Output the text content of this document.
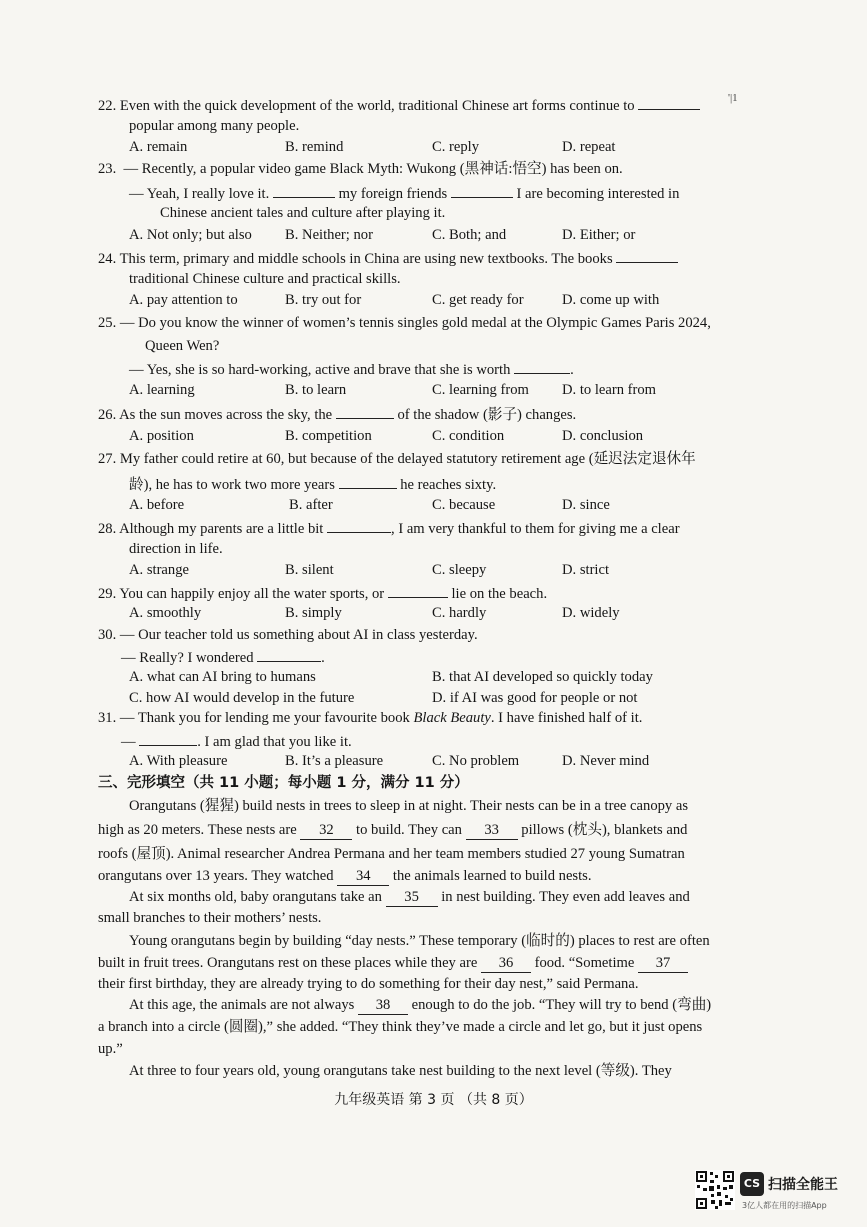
22. Even with the quick development of the world, traditional Chinese art forms continue to	'|1
popular among many people.
A. remain	B. remind	C. reply	D. repeat
23.  — Recently, a popular video game Black Myth: Wukong (黑神话:悟空) has been on.
— Yeah, I really love it.	my foreign friends	I are becoming interested in
Chinese ancient tales and culture after playing it.
A. Not only; but also B. Neither; nor	C. Both; and	D. Either; or
24. This term, primary and middle schools in China are using new textbooks. The books
traditional Chinese culture and practical skills.
A. pay attention to	B. try out for	C. get ready for	D. come up with
25. — Do you know the winner of women’s tennis singles gold medal at the Olympic Games Paris 2024,
Queen Wen?
— Yes, she is so hard-working, active and brave that she is worth	.
A. learning	B. to learn	C. learning from D. to learn from
26. As the sun moves across the sky, the	of the shadow (影子) changes.
A. position	B. competition	C. condition	D. conclusion
27. My father could retire at 60, but because of the delayed statutory retirement age (延迟法定退休年
龄), he has to work two more years	he reaches sixty.
A. before	B. after	C. because	D. since
28. Although my parents are a little bit	, I am very thankful to them for giving me a clear
direction in life.
A. strange	B. silent	C. sleepy	D. strict
29. You can happily enjoy all the water sports, or	lie on the beach.
A. smoothly	B. simply	C. hardly	D. widely
30. — Our teacher told us something about AI in class yesterday.
— Really? I wondered	.
A. what can AI bring to humans	B. that AI developed so quickly today
C. how AI would develop in the future	D. if AI was good for people or not
31. — Thank you for lending me your favourite book Black Beauty. I have finished half of it.
—	. I am glad that you like it.
A. With pleasure	B. It’s a pleasure	C. No problem	D. Never mind
三、完形填空（共 11 小题；每小题 1 分，满分 11 分）
Orangutans (猩猩) build nests in trees to sleep in at night. Their nests can be in a tree canopy as
high as 20 meters. These nests are 32 to build. They can 33 pillows (枕头), blankets and
roofs (屋顶). Animal researcher Andrea Permana and her team members studied 27 young Sumatran
orangutans over 13 years. They watched 34 the animals learned to build nests.
At six months old, baby orangutans take an 35 in nest building. They even add leaves and
small branches to their mothers’ nests.
Young orangutans begin by building “day nests.” These temporary (临时的) places to rest are often
built in fruit trees. Orangutans rest on these places while they are 36 food. “Sometime 37
their first birthday, they are already trying to do something for their day nest,” said Permana.
At this age, the animals are not always 38 enough to do the job. “They will try to bend (弯曲)
a branch into a circle (圆圈),” she added. “They think they’ve made a circle and let go, but it just opens
up.”
At three to four years old, young orangutans take nest building to the next level (等级). They
九年级英语 第 3 页 （共 8 页）
CS 扫描全能王
3亿人都在用的扫描App
